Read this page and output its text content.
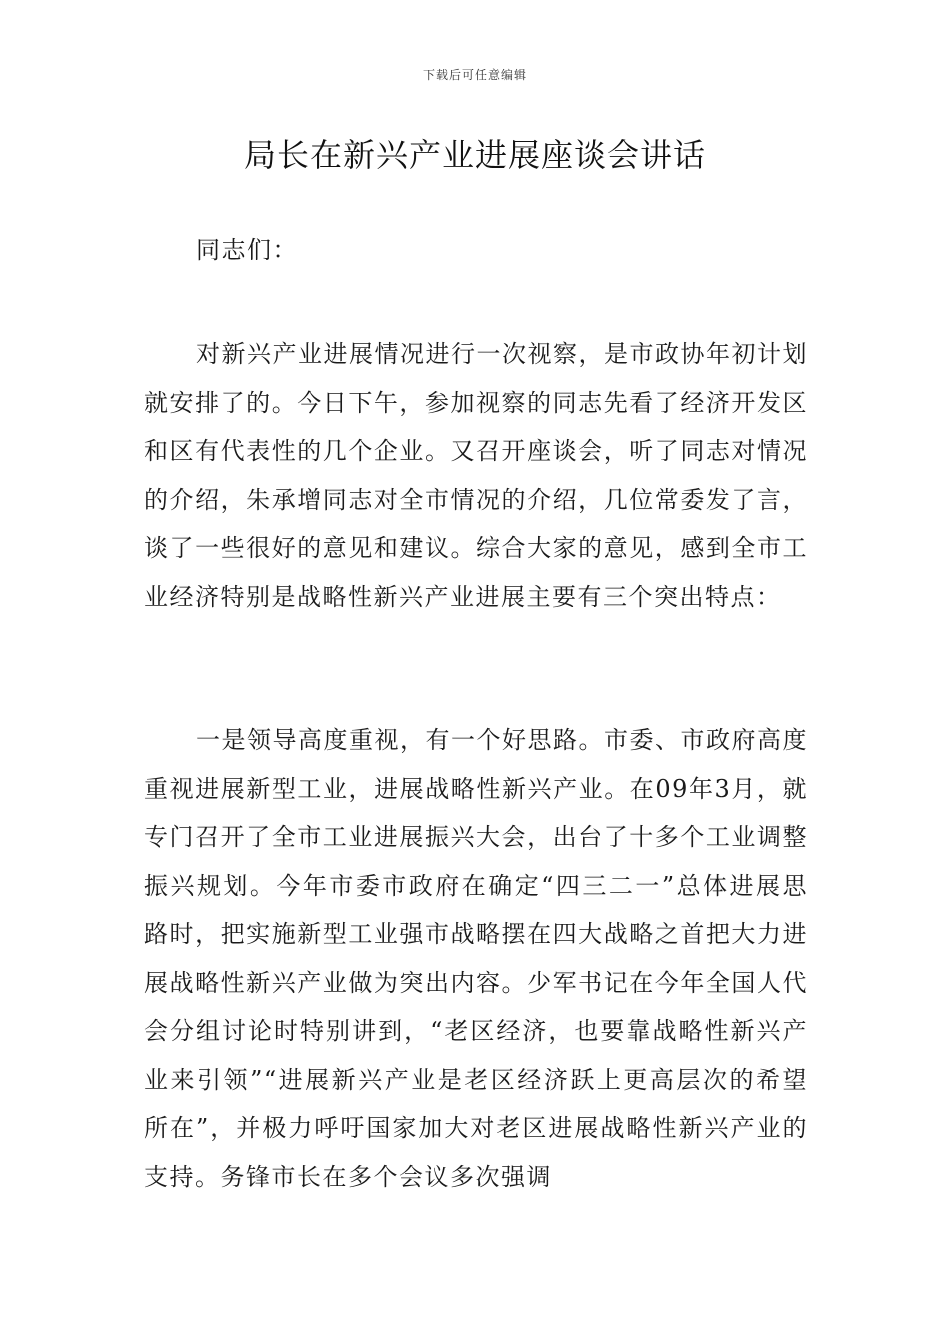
下载后可任意编辑
局长在新兴产业进展座谈会讲话

同志们：

对新兴产业进展情况进行一次视察，是市政协年初计划就安排了的。今日下午，参加视察的同志先看了经济开发区和区有代表性的几个企业。又召开座谈会，听了同志对情况的介绍，朱承增同志对全市情况的介绍，几位常委发了言，谈了一些很好的意见和建议。综合大家的意见，感到全市工业经济特别是战略性新兴产业进展主要有三个突出特点：

一是领导高度重视，有一个好思路。市委、市政府高度重视进展新型工业，进展战略性新兴产业。在09年3月，就专门召开了全市工业进展振兴大会，出台了十多个工业调整振兴规划。今年市委市政府在确定“四三二一”总体进展思路时，把实施新型工业强市战略摆在四大战略之首把大力进展战略性新兴产业做为突出内容。少军书记在今年全国人代会分组讨论时特别讲到，“老区经济，也要靠战略性新兴产业来引领”“进展新兴产业是老区经济跃上更高层次的希望所在”，并极力呼吁国家加大对老区进展战略性新兴产业的支持。务锋市长在多个会议多次强调
